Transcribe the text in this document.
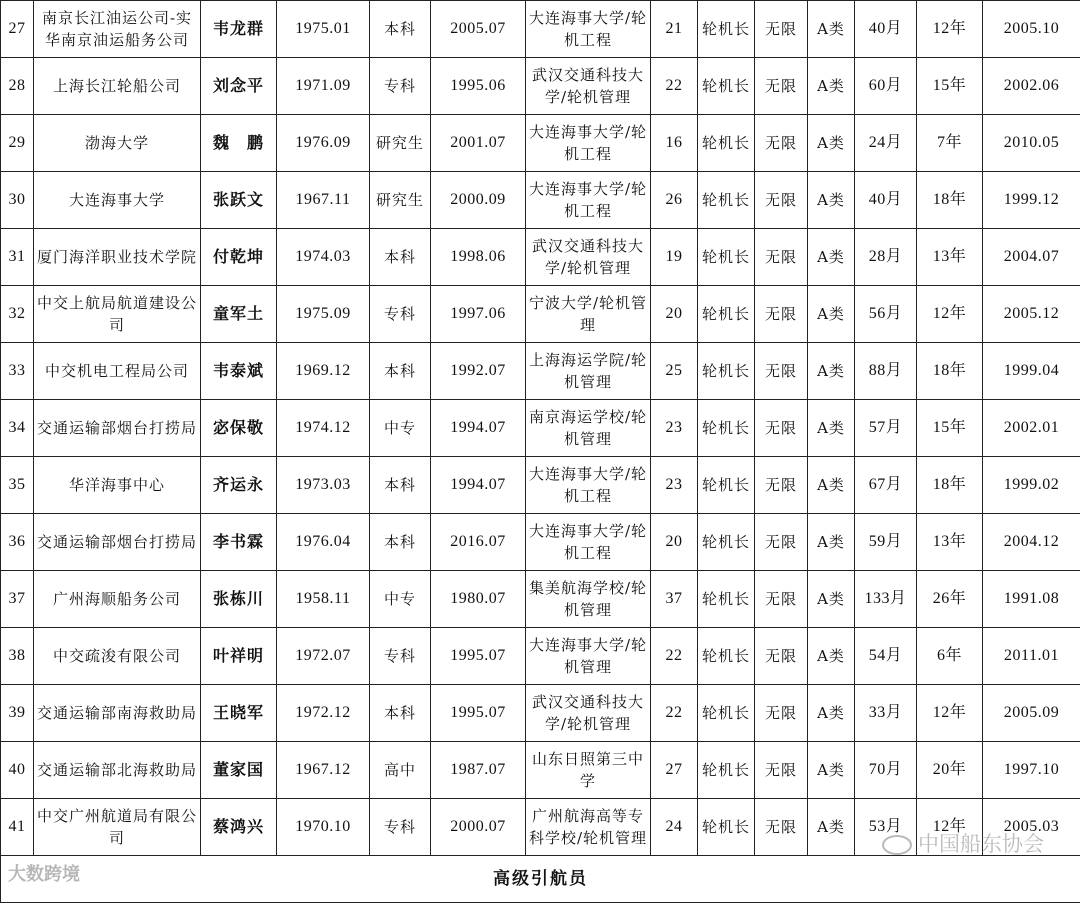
27	南京长江油运公司-实华南京油运船务公司	韦龙群	1975.01	本科	2005.07	大连海事大学/轮机工程	21	轮机长	无限	A类	40月	12年	2005.10

28	上海长江轮船公司	刘念平	1971.09	专科	1995.06	武汉交通科技大学/轮机管理	22	轮机长	无限	A类	60月	15年	2002.06

29	渤海大学	魏　鹏	1976.09	研究生	2001.07	大连海事大学/轮机工程	16	轮机长	无限	A类	24月	7年	2010.05

30	大连海事大学	张跃文	1967.11	研究生	2000.09	大连海事大学/轮机工程	26	轮机长	无限	A类	40月	18年	1999.12

31	厦门海洋职业技术学院	付乾坤	1974.03	本科	1998.06	武汉交通科技大学/轮机管理	19	轮机长	无限	A类	28月	13年	2004.07

32	中交上航局航道建设公司	童军土	1975.09	专科	1997.06	宁波大学/轮机管理	20	轮机长	无限	A类	56月	12年	2005.12

33	中交机电工程局公司	韦泰斌	1969.12	本科	1992.07	上海海运学院/轮机管理	25	轮机长	无限	A类	88月	18年	1999.04

34	交通运输部烟台打捞局	宓保敬	1974.12	中专	1994.07	南京海运学校/轮机管理	23	轮机长	无限	A类	57月	15年	2002.01

35	华洋海事中心	齐运永	1973.03	本科	1994.07	大连海事大学/轮机工程	23	轮机长	无限	A类	67月	18年	1999.02

36	交通运输部烟台打捞局	李书霖	1976.04	本科	2016.07	大连海事大学/轮机工程	20	轮机长	无限	A类	59月	13年	2004.12

37	广州海顺船务公司	张栋川	1958.11	中专	1980.07	集美航海学校/轮机管理	37	轮机长	无限	A类	133月	26年	1991.08

38	中交疏浚有限公司	叶祥明	1972.07	专科	1995.07	大连海事大学/轮机管理	22	轮机长	无限	A类	54月	6年	2011.01

39	交通运输部南海救助局	王晓军	1972.12	本科	1995.07	武汉交通科技大学/轮机管理	22	轮机长	无限	A类	33月	12年	2005.09

40	交通运输部北海救助局	董家国	1967.12	高中	1987.07	山东日照第三中学	27	轮机长	无限	A类	70月	20年	1997.10

41	中交广州航道局有限公司	蔡鸿兴	1970.10	专科	2000.07	广州航海高等专科学校/轮机管理	24	轮机长	无限	A类	53月	12年	2005.03

高级引航员													
大数跨境
中国船东协会
